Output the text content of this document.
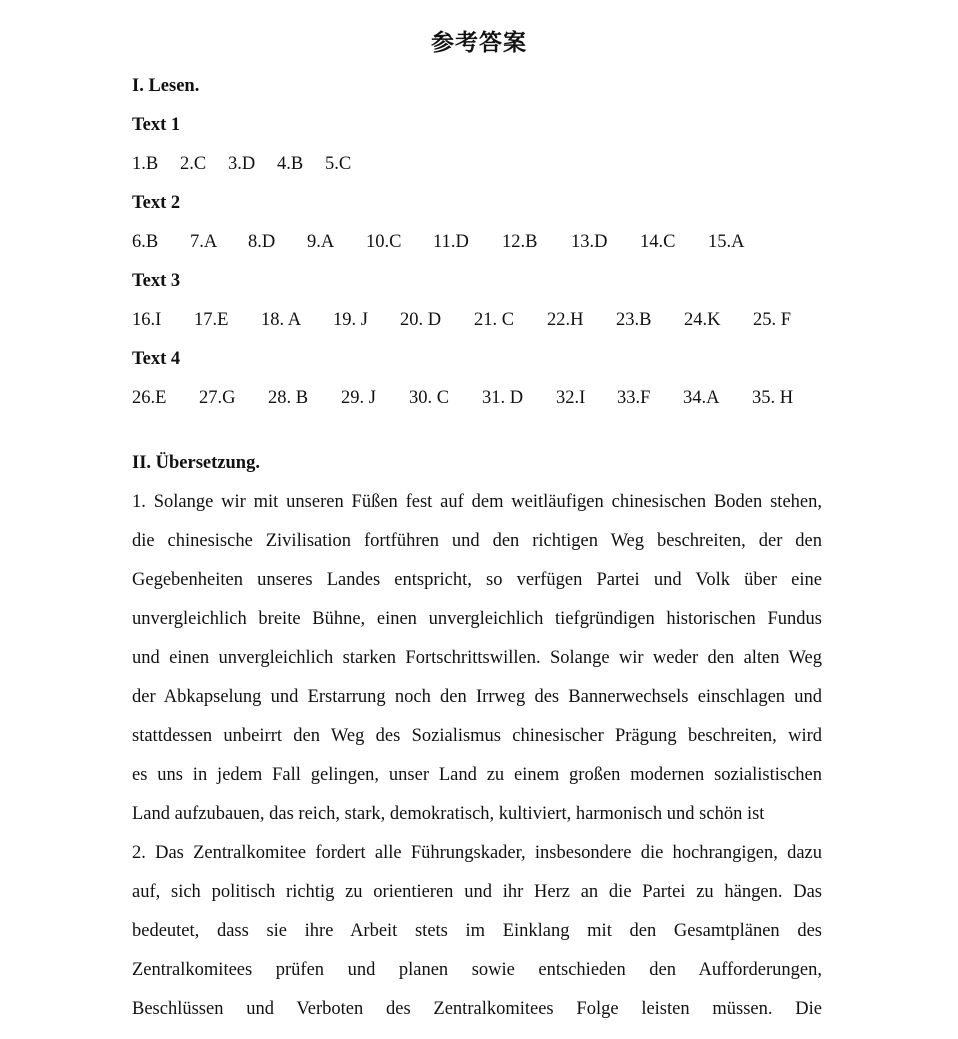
参考答案
I. Lesen.
Text 1
1.B 2.C 3.D 4.B 5.C
Text 2
6.B 7.A 8.D 9.A 10.C 11.D 12.B 13.D 14.C 15.A
Text 3
16.I 17.E 18. A 19. J 20. D 21. C 22.H 23.B 24.K 25. F
Text 4
26.E 27.G 28. B 29. J 30. C 31. D 32.I 33.F 34.A 35. H
II. Übersetzung.
1. Solange wir mit unseren Füßen fest auf dem weitläufigen chinesischen Boden stehen,
die chinesische Zivilisation fortführen und den richtigen Weg beschreiten, der den
Gegebenheiten unseres Landes entspricht, so verfügen Partei und Volk über eine
unvergleichlich breite Bühne, einen unvergleichlich tiefgründigen historischen Fundus
und einen unvergleichlich starken Fortschrittswillen. Solange wir weder den alten Weg
der Abkapselung und Erstarrung noch den Irrweg des Bannerwechsels einschlagen und
stattdessen unbeirrt den Weg des Sozialismus chinesischer Prägung beschreiten, wird
es uns in jedem Fall gelingen, unser Land zu einem großen modernen sozialistischen
Land aufzubauen, das reich, stark, demokratisch, kultiviert, harmonisch und schön ist
2. Das Zentralkomitee fordert alle Führungskader, insbesondere die hochrangigen, dazu
auf, sich politisch richtig zu orientieren und ihr Herz an die Partei zu hängen. Das
bedeutet, dass sie ihre Arbeit stets im Einklang mit den Gesamtplänen des
Zentralkomitees prüfen und planen sowie entschieden den Aufforderungen,
Beschlüssen und Verboten des Zentralkomitees Folge leisten müssen. Die
